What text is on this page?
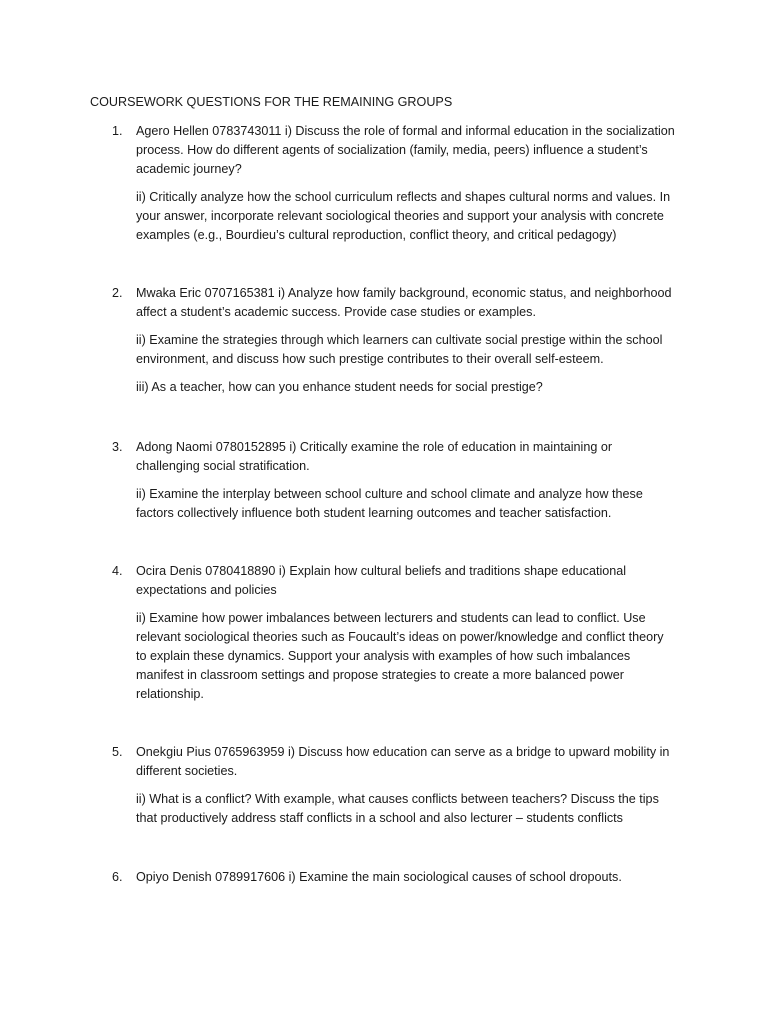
COURSEWORK QUESTIONS FOR THE REMAINING GROUPS
1.	Agero Hellen 0783743011 i) Discuss the role of formal and informal education in the socialization
process. How do different agents of socialization (family, media, peers) influence a student’s
academic journey?

ii) Critically analyze how the school curriculum reflects and shapes cultural norms and values. In
your answer, incorporate relevant sociological theories and support your analysis with concrete
examples (e.g., Bourdieu’s cultural reproduction, conflict theory, and critical pedagogy)

2.	Mwaka Eric 0707165381 i) Analyze how family background, economic status, and neighborhood
affect a student’s academic success. Provide case studies or examples.

ii) Examine the strategies through which learners can cultivate social prestige within the school
environment, and discuss how such prestige contributes to their overall self-esteem.

iii) As a teacher, how can you enhance student needs for social prestige?

3.	Adong Naomi 0780152895 i) Critically examine the role of education in maintaining or
challenging social stratification.

ii) Examine the interplay between school culture and school climate and analyze how these
factors collectively influence both student learning outcomes and teacher satisfaction.

4.	Ocira Denis 0780418890 i) Explain how cultural beliefs and traditions shape educational
expectations and policies

ii) Examine how power imbalances between lecturers and students can lead to conflict. Use
relevant sociological theories such as Foucault’s ideas on power/knowledge and conflict theory
to explain these dynamics. Support your analysis with examples of how such imbalances
manifest in classroom settings and propose strategies to create a more balanced power
relationship.

5.	Onekgiu Pius 0765963959 i) Discuss how education can serve as a bridge to upward mobility in
different societies.

ii) What is a conflict? With example, what causes conflicts between teachers? Discuss the tips
that productively address staff conflicts in a school and also lecturer – students conflicts

6.	Opiyo Denish 0789917606 i) Examine the main sociological causes of school dropouts.
